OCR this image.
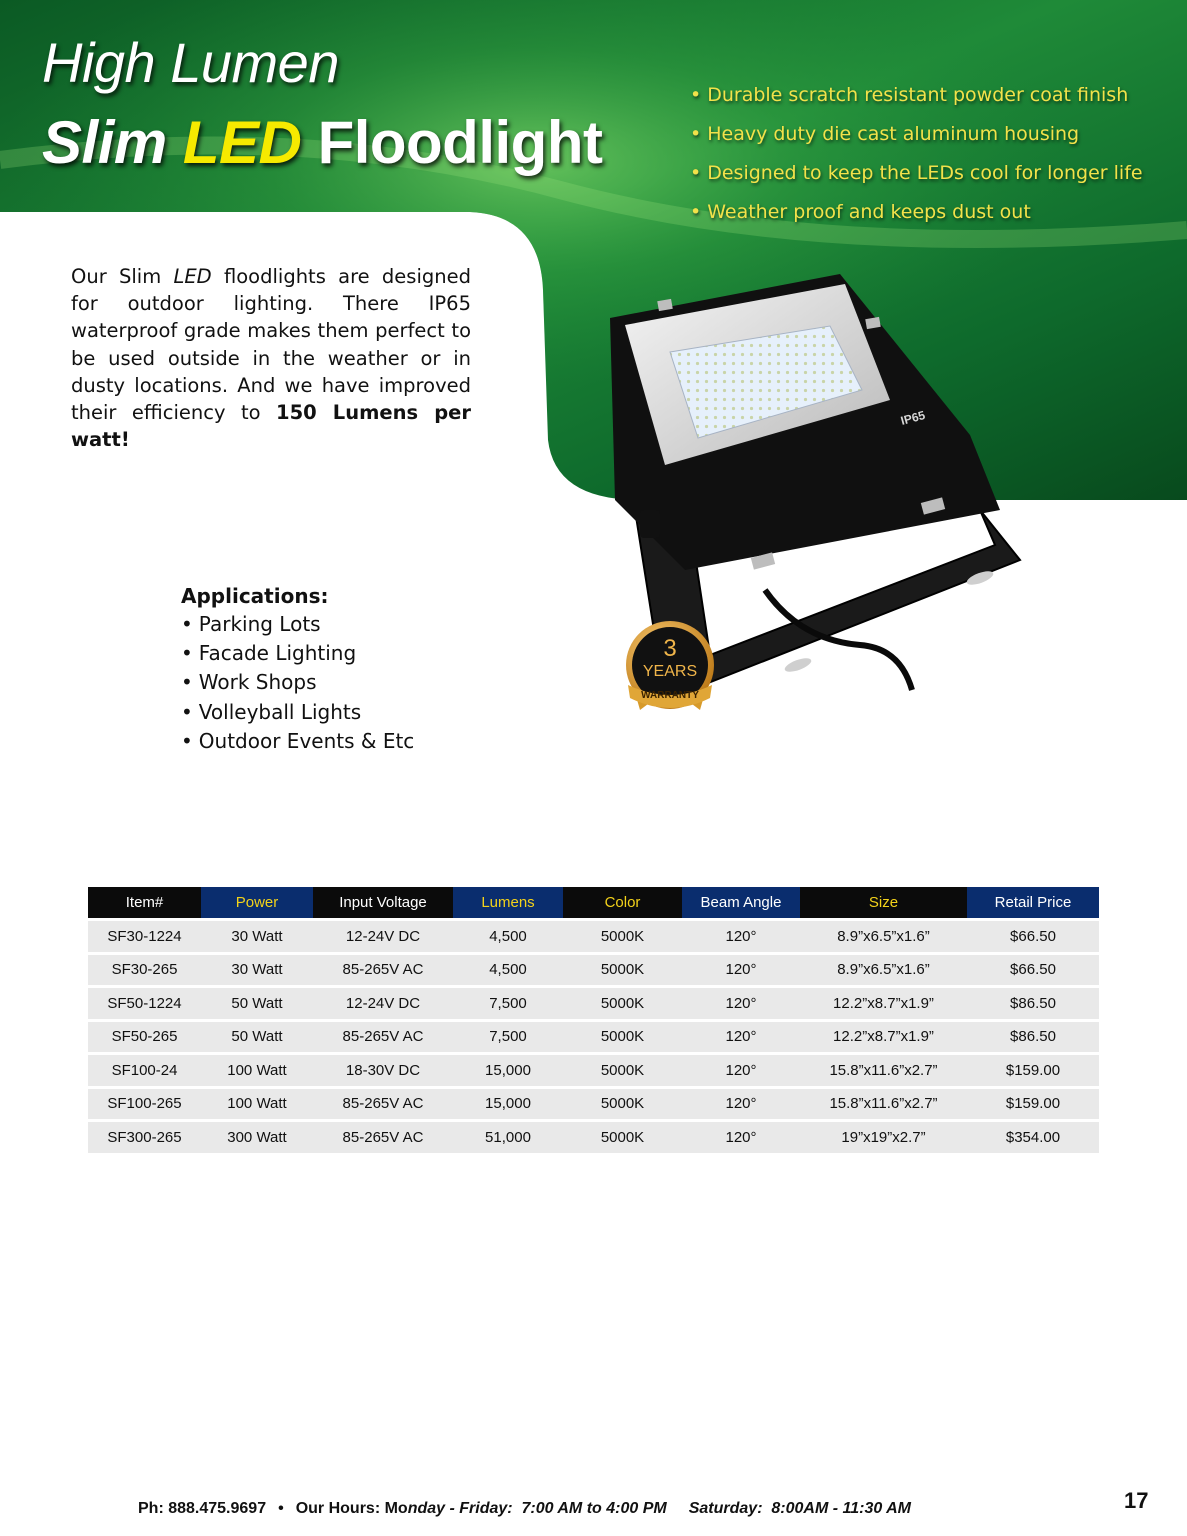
High Lumen
Slim LED Floodlight
• Durable scratch resistant powder coat finish
• Heavy duty die cast aluminum housing
• Designed to keep the LEDs cool for longer life
• Weather proof and keeps dust out

Our Slim LED floodlights are designed for outdoor lighting. There IP65 waterproof grade makes them perfect to be used outside in the weather or in dusty locations. And we have improved their efficiency to 150 Lumens per watt!

Applications:
• Parking Lots
• Facade Lighting
• Work Shops
• Volleyball Lights
• Outdoor Events & Etc
IP65
3
YEARS
WARRANTY
Item#	Power	Input Voltage	Lumens	Color	Beam Angle	Size	Retail Price
SF30-1224	30 Watt	12-24V DC	4,500	5000K	120°	8.9”x6.5”x1.6”	$66.50
SF30-265	30 Watt	85-265V AC	4,500	5000K	120°	8.9”x6.5”x1.6”	$66.50
SF50-1224	50 Watt	12-24V DC	7,500	5000K	120°	12.2”x8.7”x1.9”	$86.50
SF50-265	50 Watt	85-265V AC	7,500	5000K	120°	12.2”x8.7”x1.9”	$86.50
SF100-24	100 Watt	18-30V DC	15,000	5000K	120°	15.8”x11.6”x2.7”	$159.00
SF100-265	100 Watt	85-265V AC	15,000	5000K	120°	15.8”x11.6”x2.7”	$159.00
SF300-265	300 Watt	85-265V AC	51,000	5000K	120°	19”x19”x2.7”	$354.00
Ph: 888.475.9697 • Our Hours: Monday - Friday: 7:00 AM to 4:00 PM Saturday: 8:00AM - 11:30 AM	17
